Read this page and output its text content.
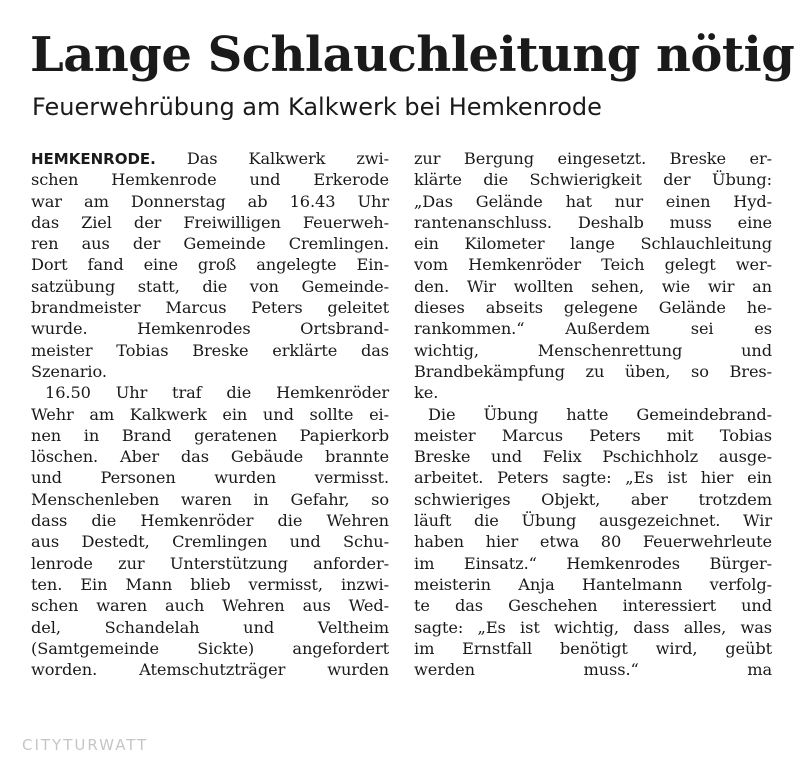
Lange Schlauchleitung nötig
Feuerwehrübung am Kalkwerk bei Hemkenrode
HEMKENRODE. Das Kalkwerk zwi-
schen Hemkenrode und Erkerode
war am Donnerstag ab 16.43 Uhr
das Ziel der Freiwilligen Feuerweh-
ren aus der Gemeinde Cremlingen.
Dort fand eine groß angelegte Ein-
satzübung statt, die von Gemeinde-
brandmeister Marcus Peters geleitet
wurde. Hemkenrodes Ortsbrand-
meister Tobias Breske erklärte das
Szenario.
16.50 Uhr traf die Hemkenröder
Wehr am Kalkwerk ein und sollte ei-
nen in Brand geratenen Papierkorb
löschen. Aber das Gebäude brannte
und Personen wurden vermisst.
Menschenleben waren in Gefahr, so
dass die Hemkenröder die Wehren
aus Destedt, Cremlingen und Schu-
lenrode zur Unterstützung anforder-
ten. Ein Mann blieb vermisst, inzwi-
schen waren auch Wehren aus Wed-
del, Schandelah und Veltheim
(Samtgemeinde Sickte) angefordert
worden. Atemschutzträger wurden
zur Bergung eingesetzt. Breske er-
klärte die Schwierigkeit der Übung:
„Das Gelände hat nur einen Hyd-
rantenanschluss. Deshalb muss eine
ein Kilometer lange Schlauchleitung
vom Hemkenröder Teich gelegt wer-
den. Wir wollten sehen, wie wir an
dieses abseits gelegene Gelände he-
rankommen.“ Außerdem sei es
wichtig, Menschenrettung und
Brandbekämpfung zu üben, so Bres-
ke.
Die Übung hatte Gemeindebrand-
meister Marcus Peters mit Tobias
Breske und Felix Pschichholz ausge-
arbeitet. Peters sagte: „Es ist hier ein
schwieriges Objekt, aber trotzdem
läuft die Übung ausgezeichnet. Wir
haben hier etwa 80 Feuerwehrleute
im Einsatz.“ Hemkenrodes Bürger-
meisterin Anja Hantelmann verfolg-
te das Geschehen interessiert und
sagte: „Es ist wichtig, dass alles, was
im Ernstfall benötigt wird, geübt
werden muss.“ ma
CITYTURWATT
